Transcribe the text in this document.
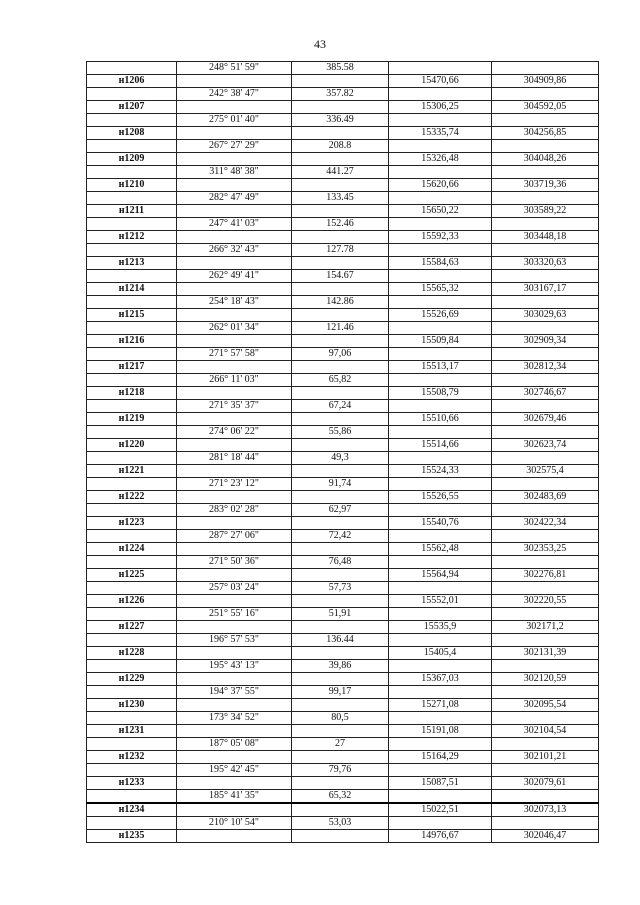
43
	248° 51' 59"	385.58		
н1206			15470,66	304909,86
	242° 38' 47"	357.82		
н1207			15306,25	304592,05
	275° 01' 40"	336.49		
н1208			15335,74	304256,85
	267° 27' 29"	208.8		
н1209			15326,48	304048,26
	311° 48' 38"	441.27		
н1210			15620,66	303719,36
	282° 47' 49"	133.45		
н1211			15650,22	303589,22
	247° 41' 03"	152.46		
н1212			15592,33	303448,18
	266° 32' 43"	127.78		
н1213			15584,63	303320,63
	262° 49' 41"	154.67		
н1214			15565,32	303167,17
	254° 18' 43"	142.86		
н1215			15526,69	303029,63
	262° 01' 34"	121.46		
н1216			15509,84	302909,34
	271° 57' 58"	97,06		
н1217			15513,17	302812,34
	266° 11' 03"	65,82		
н1218			15508,79	302746,67
	271° 35' 37"	67,24		
н1219			15510,66	302679,46
	274° 06' 22"	55,86		
н1220			15514,66	302623,74
	281° 18' 44"	49,3		
н1221			15524,33	302575,4
	271° 23' 12"	91,74		
н1222			15526,55	302483,69
	283° 02' 28"	62,97		
н1223			15540,76	302422,34
	287° 27' 06"	72,42		
н1224			15562,48	302353,25
	271° 50' 36"	76,48		
н1225			15564,94	302276,81
	257° 03' 24"	57,73		
н1226			15552,01	302220,55
	251° 55' 16"	51,91		
н1227			15535,9	302171,2
	196° 57' 53"	136.44		
н1228			15405,4	302131,39
	195° 43' 13"	39,86		
н1229			15367,03	302120,59
	194° 37' 55"	99,17		
н1230			15271,08	302095,54
	173° 34' 52"	80,5		
н1231			15191,08	302104,54
	187° 05' 08"	27		
н1232			15164,29	302101,21
	195° 42' 45"	79,76		
н1233			15087,51	302079,61
	185° 41' 35"	65,32		
н1234			15022,51	302073,13
	210° 10' 54"	53,03		
н1235			14976,67	302046,47
